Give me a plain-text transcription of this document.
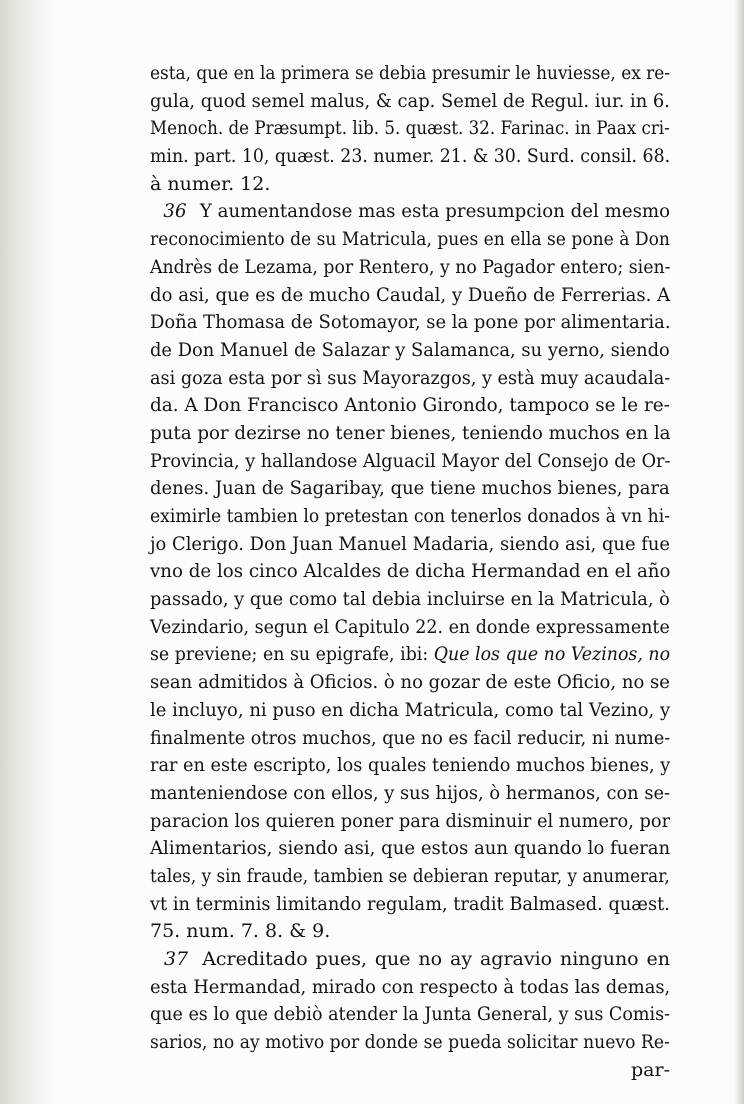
esta, que en la primera se debia presumir le huviesse, ex re-
gula, quod semel malus, & cap. Semel de Regul. iur. in 6.
Menoch. de Præsumpt. lib. 5. quæst. 32. Farinac. in Paax cri-
min. part. 10, quæst. 23. numer. 21. & 30. Surd. consil. 68.
à numer. 12.
36 Y aumentandose mas esta presumpcion del mesmo
reconocimiento de su Matricula, pues en ella se pone à Don
Andrès de Lezama, por Rentero, y no Pagador entero; sien-
do asi, que es de mucho Caudal, y Dueño de Ferrerias. A
Doña Thomasa de Sotomayor, se la pone por alimentaria.
de Don Manuel de Salazar y Salamanca, su yerno, siendo
asi goza esta por sì sus Mayorazgos, y està muy acaudala-
da. A Don Francisco Antonio Girondo, tampoco se le re-
puta por dezirse no tener bienes, teniendo muchos en la
Provincia, y hallandose Alguacil Mayor del Consejo de Or-
denes. Juan de Sagaribay, que tiene muchos bienes, para
eximirle tambien lo pretestan con tenerlos donados à vn hi-
jo Clerigo. Don Juan Manuel Madaria, siendo asi, que fue
vno de los cinco Alcaldes de dicha Hermandad en el año
passado, y que como tal debia incluirse en la Matricula, ò
Vezindario, segun el Capitulo 22. en donde expressamente
se previene; en su epigrafe, ibi: Que los que no Vezinos, no
sean admitidos à Oficios. ò no gozar de este Oficio, no se
le incluyo, ni puso en dicha Matricula, como tal Vezino, y
finalmente otros muchos, que no es facil reducir, ni nume-
rar en este escripto, los quales teniendo muchos bienes, y
manteniendose con ellos, y sus hijos, ò hermanos, con se-
paracion los quieren poner para disminuir el numero, por
Alimentarios, siendo asi, que estos aun quando lo fueran
tales, y sin fraude, tambien se debieran reputar, y anumerar,
vt in terminis limitando regulam, tradit Balmased. quæst.
75. num. 7. 8. & 9.
37 Acreditado pues, que no ay agravio ninguno en
esta Hermandad, mirado con respecto à todas las demas,
que es lo que debiò atender la Junta General, y sus Comis-
sarios, no ay motivo por donde se pueda solicitar nuevo Re-
par-
